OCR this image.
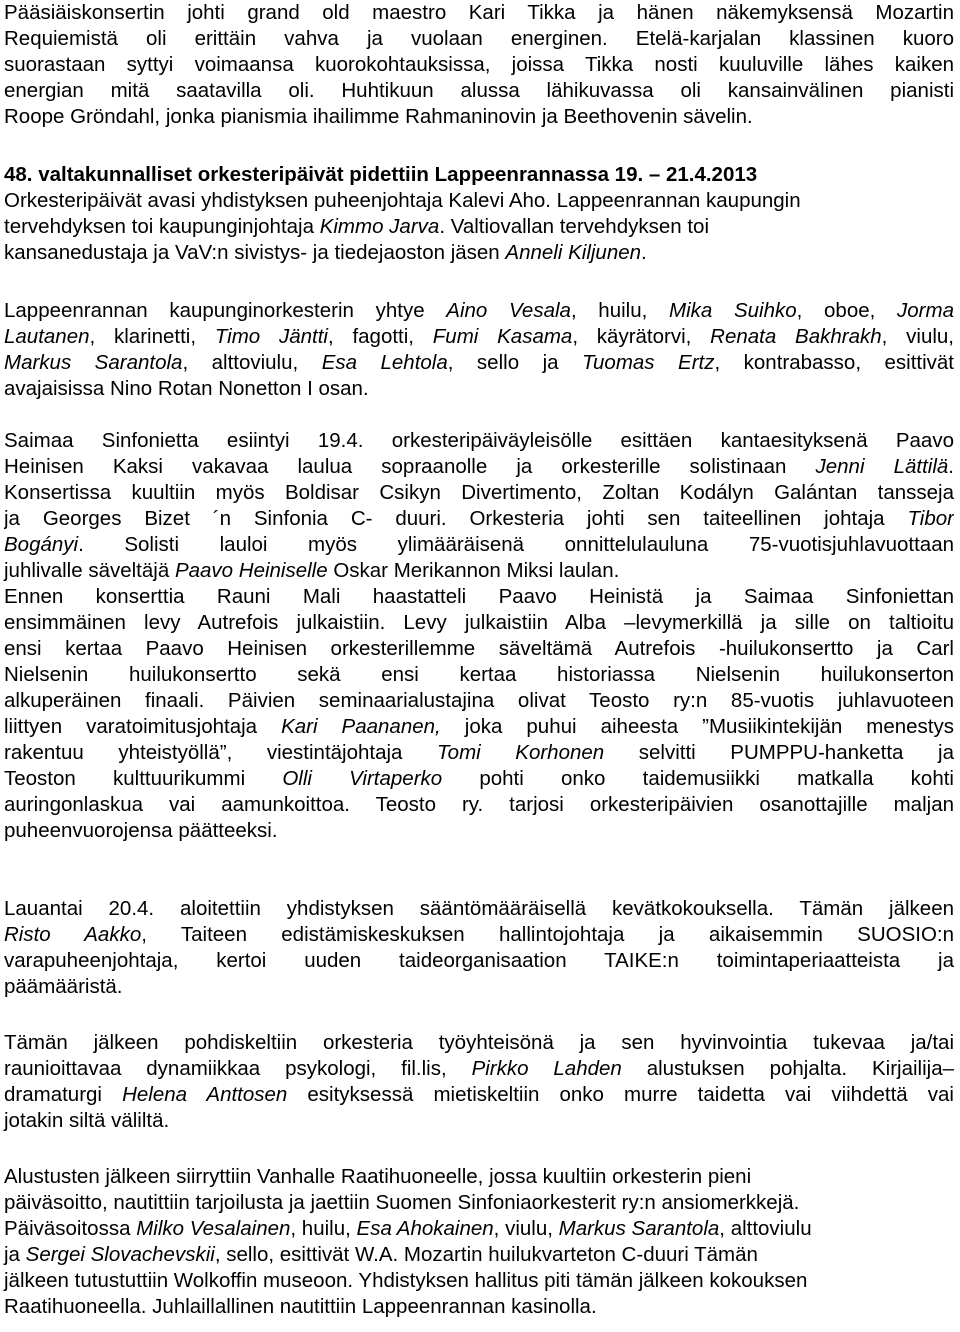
Pääsiäiskonsertin johti grand old maestro Kari Tikka ja hänen näkemyksensä Mozartin
Requiemistä oli erittäin vahva ja vuolaan energinen. Etelä-karjalan klassinen kuoro
suorastaan syttyi voimaansa kuorokohtauksissa, joissa Tikka nosti kuuluville lähes kaiken
energian mitä saatavilla oli. Huhtikuun alussa lähikuvassa oli kansainvälinen pianisti
Roope Gröndahl, jonka pianismia ihailimme Rahmaninovin ja Beethovenin sävelin.
48. valtakunnalliset orkesteripäivät pidettiin Lappeenrannassa 19. – 21.4.2013
Orkesteripäivät avasi yhdistyksen puheenjohtaja Kalevi Aho. Lappeenrannan kaupungin
tervehdyksen toi kaupunginjohtaja Kimmo Jarva. Valtiovallan tervehdyksen toi
kansanedustaja ja VaV:n sivistys- ja tiedejaoston jäsen Anneli Kiljunen.
Lappeenrannan kaupunginorkesterin yhtye Aino Vesala, huilu, Mika Suihko, oboe, Jorma
Lautanen, klarinetti, Timo Jäntti, fagotti, Fumi Kasama, käyrätorvi, Renata Bakhrakh, viulu,
Markus Sarantola, alttoviulu, Esa Lehtola, sello ja Tuomas Ertz, kontrabasso, esittivät
avajaisissa Nino Rotan Nonetton I osan.
Saimaa Sinfonietta esiintyi 19.4. orkesteripäiväyleisölle esittäen kantaesityksenä Paavo
Heinisen Kaksi vakavaa laulua sopraanolle ja orkesterille solistinaan Jenni Lättilä.
Konsertissa kuultiin myös Boldisar Csikyn Divertimento, Zoltan Kodályn Galántan tansseja
ja Georges Bizet ´n Sinfonia C- duuri. Orkesteria johti sen taiteellinen johtaja Tibor
Bogányi. Solisti lauloi myös ylimääräisenä onnittelulauluna 75-vuotisjuhlavuottaan
juhlivalle säveltäjä Paavo Heiniselle Oskar Merikannon Miksi laulan.
Ennen konserttia Rauni Mali haastatteli Paavo Heinistä ja Saimaa Sinfoniettan
ensimmäinen levy Autrefois julkaistiin. Levy julkaistiin Alba –levymerkillä ja sille on taltioitu
ensi kertaa Paavo Heinisen orkesterillemme säveltämä Autrefois -huilukonsertto ja Carl
Nielsenin huilukonsertto sekä ensi kertaa historiassa Nielsenin huilukonserton
alkuperäinen finaali. Päivien seminaarialustajina olivat Teosto ry:n 85-vuotis juhlavuoteen
liittyen varatoimitusjohtaja Kari Paananen, joka puhui aiheesta ”Musiikintekijän menestys
rakentuu yhteistyöllä”, viestintäjohtaja Tomi Korhonen selvitti PUMPPU-hanketta ja
Teoston kulttuurikummi Olli Virtaperko pohti onko taidemusiikki matkalla kohti
auringonlaskua vai aamunkoittoa. Teosto ry. tarjosi orkesteripäivien osanottajille maljan
puheenvuorojensa päätteeksi.
Lauantai 20.4. aloitettiin yhdistyksen sääntömääräisellä kevätkokouksella. Tämän jälkeen
Risto Aakko, Taiteen edistämiskeskuksen hallintojohtaja ja aikaisemmin SUOSIO:n
varapuheenjohtaja, kertoi uuden taideorganisaation TAIKE:n toimintaperiaatteista ja
päämääristä.
Tämän jälkeen pohdiskeltiin orkesteria työyhteisönä ja sen hyvinvointia tukevaa ja/tai
raunioittavaa dynamiikkaa psykologi, fil.lis, Pirkko Lahden alustuksen pohjalta. Kirjailija–
dramaturgi Helena Anttosen esityksessä mietiskeltiin onko murre taidetta vai viihdettä vai
jotakin siltä väliltä.
Alustusten jälkeen siirryttiin Vanhalle Raatihuoneelle, jossa kuultiin orkesterin pieni
päiväsoitto, nautittiin tarjoilusta ja jaettiin Suomen Sinfoniaorkesterit ry:n ansiomerkkejä.
Päiväsoitossa Milko Vesalainen, huilu, Esa Ahokainen, viulu, Markus Sarantola, alttoviulu
ja Sergei Slovachevskii, sello, esittivät W.A. Mozartin huilukvarteton C-duuri Tämän
jälkeen tutustuttiin Wolkoffin museoon. Yhdistyksen hallitus piti tämän jälkeen kokouksen
Raatihuoneella. Juhlaillallinen nautittiin Lappeenrannan kasinolla.
